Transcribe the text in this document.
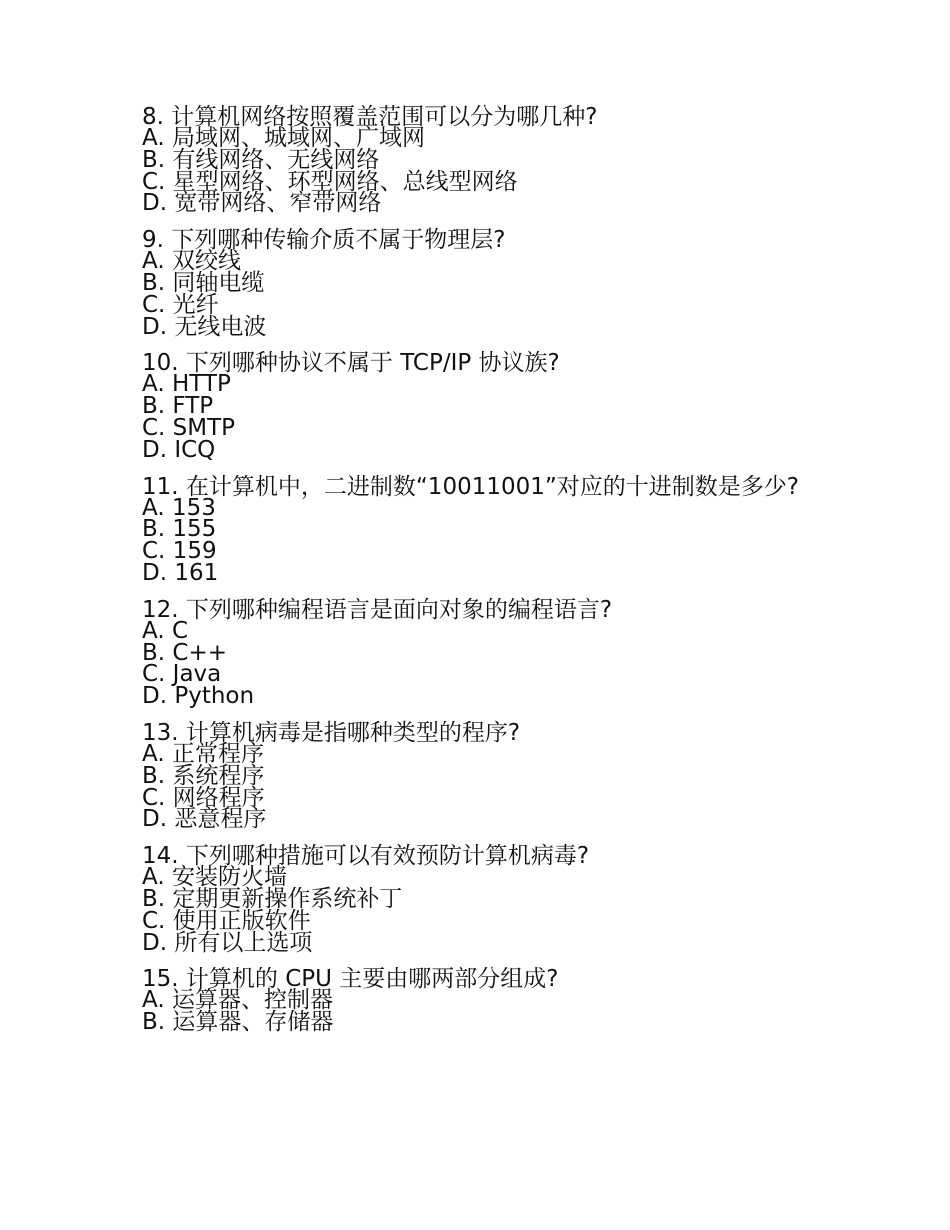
8. 计算机网络按照覆盖范围可以分为哪几种?

A. 局域网、城域网、广域网
B. 有线网络、无线网络
C. 星型网络、环型网络、总线型网络
D. 宽带网络、窄带网络

9. 下列哪种传输介质不属于物理层?

A. 双绞线
B. 同轴电缆
C. 光纤
D. 无线电波

10. 下列哪种协议不属于 TCP/IP 协议族?

A. HTTP
B. FTP
C. SMTP
D. ICQ

11. 在计算机中，二进制数“10011001”对应的十进制数是多少?

A. 153
B. 155
C. 159
D. 161

12. 下列哪种编程语言是面向对象的编程语言?

A. C
B. C++
C. Java
D. Python

13. 计算机病毒是指哪种类型的程序?

A. 正常程序
B. 系统程序
C. 网络程序
D. 恶意程序

14. 下列哪种措施可以有效预防计算机病毒?

A. 安装防火墙
B. 定期更新操作系统补丁
C. 使用正版软件
D. 所有以上选项

15. 计算机的 CPU 主要由哪两部分组成?

A. 运算器、控制器
B. 运算器、存储器
